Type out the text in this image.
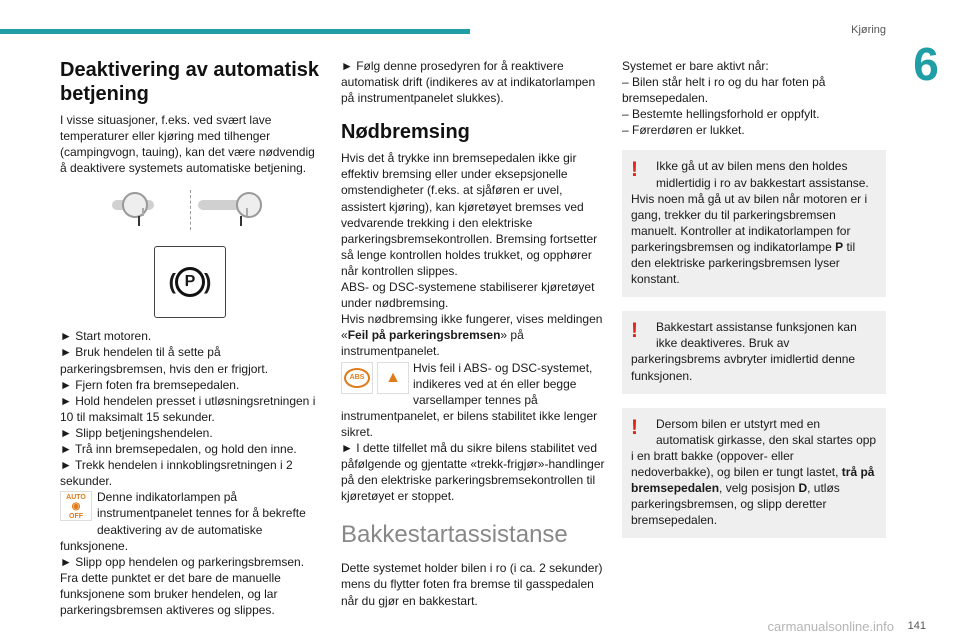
Kjøring
6
Deaktivering av automatisk betjening

I visse situasjoner, f.eks. ved svært lave temperaturer eller kjøring med tilhenger (campingvogn, tauing), kan det være nødvendig å deaktivere systemets automatiske betjening.

( P )

► Start motoren.

► Bruk hendelen til å sette på parkeringsbremsen, hvis den er frigjort.

► Fjern foten fra bremsepedalen.

► Hold hendelen presset i utløsningsretningen i 10 til maksimalt 15 sekunder.

► Slipp betjeningshendelen.

► Trå inn bremsepedalen, og hold den inne.

► Trekk hendelen i innkoblingsretningen i 2 sekunder.

AUTO
◉
OFF

Denne indikatorlampen på instrumentpanelet tennes for å bekrefte deaktivering av de automatiske funksjonene.

► Slipp opp hendelen og parkeringsbremsen.

Fra dette punktet er det bare de manuelle funksjonene som bruker hendelen, og lar parkeringsbremsen aktiveres og slippes.

► Følg denne prosedyren for å reaktivere automatisk drift (indikeres av at indikatorlampen på instrumentpanelet slukkes).

Nødbremsing

Hvis det å trykke inn bremsepedalen ikke gir effektiv bremsing eller under eksepsjonelle omstendigheter (f.eks. at sjåføren er uvel, assistert kjøring), kan kjøretøyet bremses ved vedvarende trekking i den elektriske parkeringsbremsekontrollen. Bremsing fortsetter så lenge kontrollen holdes trukket, og opphører når kontrollen slippes.

ABS- og DSC-systemene stabiliserer kjøretøyet under nødbremsing.

Hvis nødbremsing ikke fungerer, vises meldingen «Feil på parkeringsbremsen» på instrumentpanelet.

ABS	▲

Hvis feil i ABS- og DSC-systemet, indikeres ved at én eller begge varsellamper tennes på instrumentpanelet, er bilens stabilitet ikke lenger sikret.

► I dette tilfellet må du sikre bilens stabilitet ved påfølgende og gjentatte «trekk-frigjør»-handlinger på den elektriske parkeringsbremsekontrollen til kjøretøyet er stoppet.

Bakkestartassistanse

Dette systemet holder bilen i ro (i ca. 2 sekunder) mens du flytter foten fra bremse til gasspedalen når du gjør en bakkestart.

Systemet er bare aktivt når:

– Bilen står helt i ro og du har foten på bremsepedalen.

– Bestemte hellingsforhold er oppfylt.

– Førerdøren er lukket.

!	Ikke gå ut av bilen mens den holdes midlertidig i ro av bakkestart assistanse. Hvis noen må gå ut av bilen når motoren er i gang, trekker du til parkeringsbremsen manuelt. Kontroller at indikatorlampen for parkeringsbremsen og indikatorlampe P til den elektriske parkeringsbremsen lyser konstant.

!	Bakkestart assistanse funksjonen kan ikke deaktiveres. Bruk av parkeringsbrems avbryter imidlertid denne funksjonen.

!	Dersom bilen er utstyrt med en automatisk girkasse, den skal startes opp i en bratt bakke (oppover- eller nedoverbakke), og bilen er tungt lastet, trå på bremsepedalen, velg posisjon D, utløs parkeringsbremsen, og slipp deretter bremsepedalen.

carmanualsonline.info 141
